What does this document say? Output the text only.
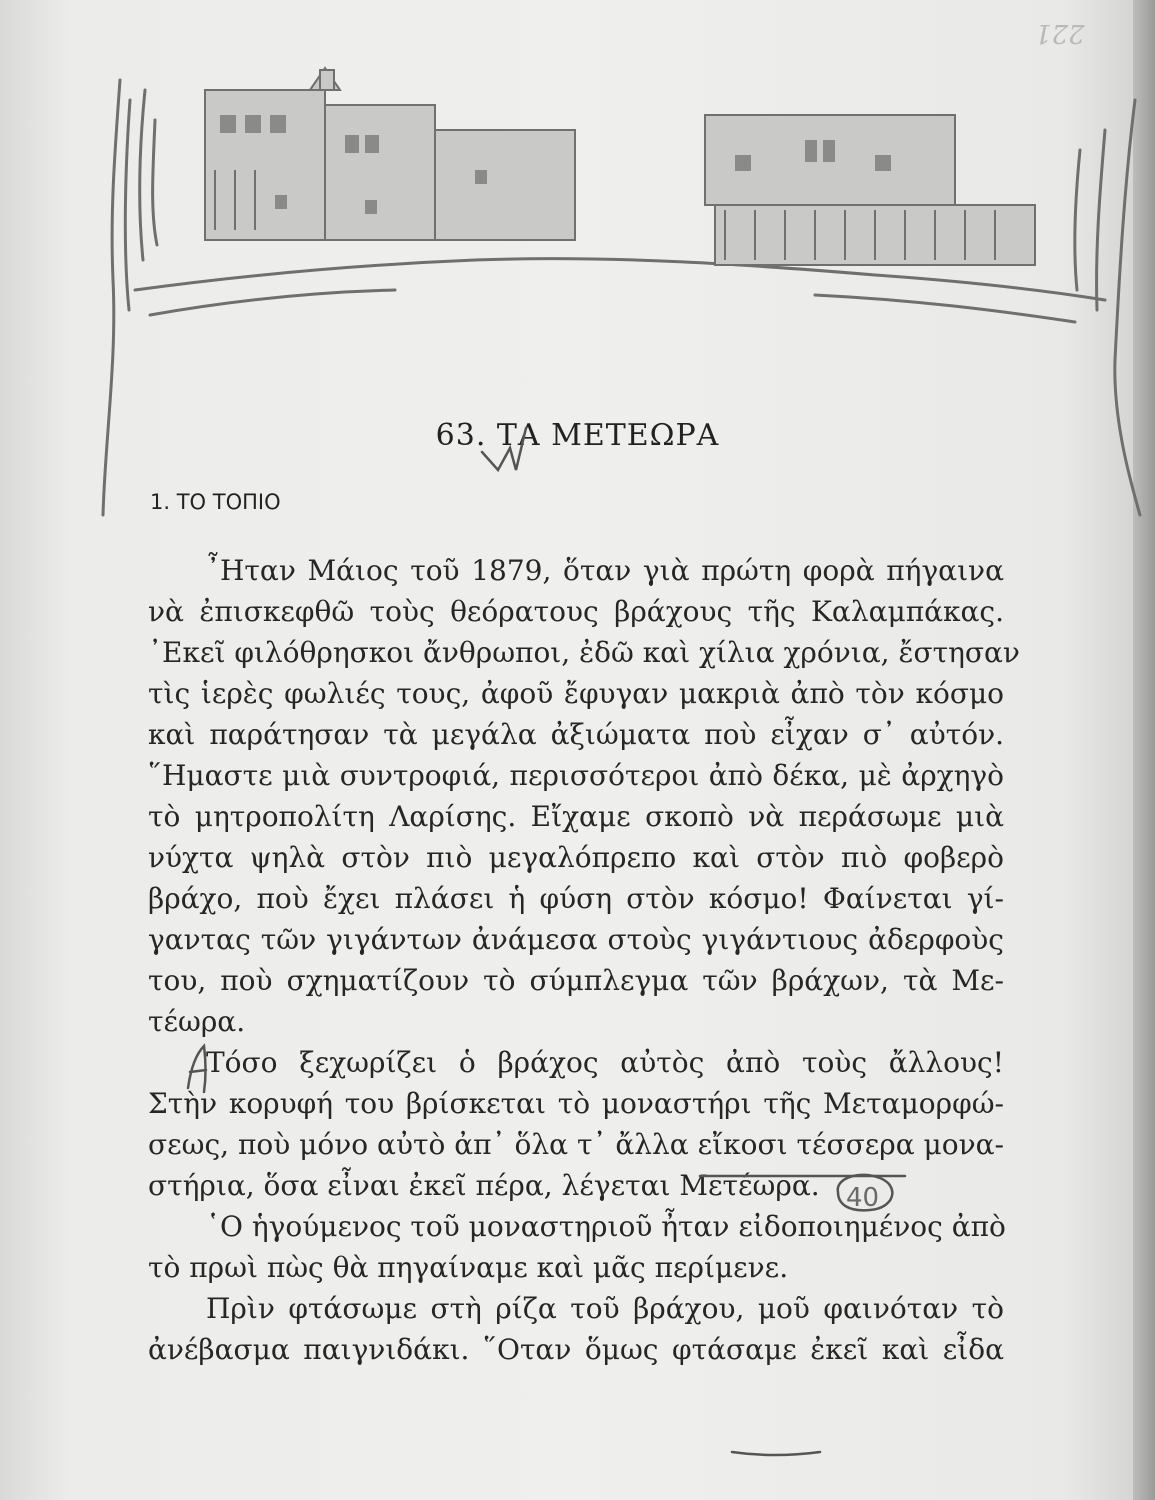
221
63. ΤΑ ΜΕΤΕΩΡΑ
1. ΤΟ ΤΟΠΙΟ
῏Ηταν Μάιος τοῦ 1879, ὅταν γιὰ πρώτη φορὰ πήγαινα
νὰ ἐπισκεφθῶ τοὺς θεόρατους βράχους τῆς Καλαμπάκας.
᾿Εκεῖ φιλόθρησκοι ἄνθρωποι, ἐδῶ καὶ χίλια χρόνια, ἔστησαν
τὶς ἱερὲς φωλιές τους, ἀφοῦ ἔφυγαν μακριὰ ἀπὸ τὸν κόσμο
καὶ παράτησαν τὰ μεγάλα ἀξιώματα ποὺ εἶχαν σ᾿ αὐτόν.
῞Ημαστε μιὰ συντροφιά, περισσότεροι ἀπὸ δέκα, μὲ ἀρχηγὸ
τὸ μητροπολίτη Λαρίσης. Εἴχαμε σκοπὸ νὰ περάσωμε μιὰ
νύχτα ψηλὰ στὸν πιὸ μεγαλόπρεπο καὶ στὸν πιὸ φοβερὸ
βράχο, ποὺ ἔχει πλάσει ἡ φύση στὸν κόσμο! Φαίνεται γί-
γαντας τῶν γιγάντων ἀνάμεσα στοὺς γιγάντιους ἀδερφοὺς
του, ποὺ σχηματίζουν τὸ σύμπλεγμα τῶν βράχων, τὰ Με-
τέωρα.
Τόσο ξεχωρίζει ὁ βράχος αὐτὸς ἀπὸ τοὺς ἄλλους!
Στὴν κορυφή του βρίσκεται τὸ μοναστήρι τῆς Μεταμορφώ-
σεως, ποὺ μόνο αὐτὸ ἀπ᾿ ὅλα τ᾿ ἄλλα εἴκοσι τέσσερα μονα-
στήρια, ὅσα εἶναι ἐκεῖ πέρα, λέγεται Μετέωρα.
῾Ο ἡγούμενος τοῦ μοναστηριοῦ ἦταν εἰδοποιημένος ἀπὸ
τὸ πρωὶ πὼς θὰ πηγαίναμε καὶ μᾶς περίμενε.
Πρὶν φτάσωμε στὴ ρίζα τοῦ βράχου, μοῦ φαινόταν τὸ
ἀνέβασμα παιγνιδάκι. ῞Οταν ὅμως φτάσαμε ἐκεῖ καὶ εἶδα
40
